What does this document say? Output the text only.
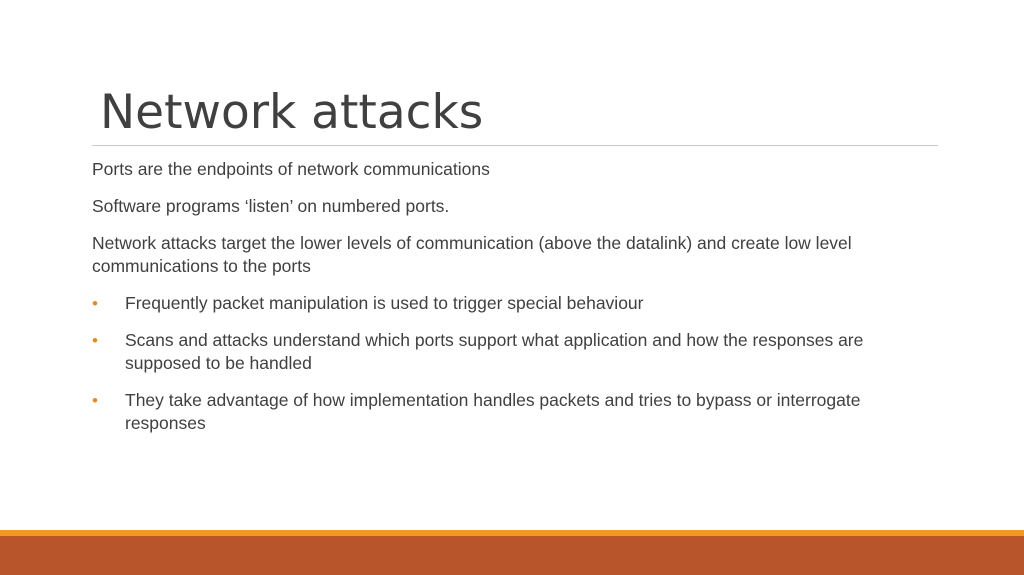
Network attacks

Ports are the endpoints of network communications

Software programs ‘listen’ on numbered ports.

Network attacks target the lower levels of communication (above the datalink) and create low level communications to the ports

• Frequently packet manipulation is used to trigger special behaviour
• Scans and attacks understand which ports support what application and how the responses are supposed to be handled
• They take advantage of how implementation handles packets and tries to bypass or interrogate responses
